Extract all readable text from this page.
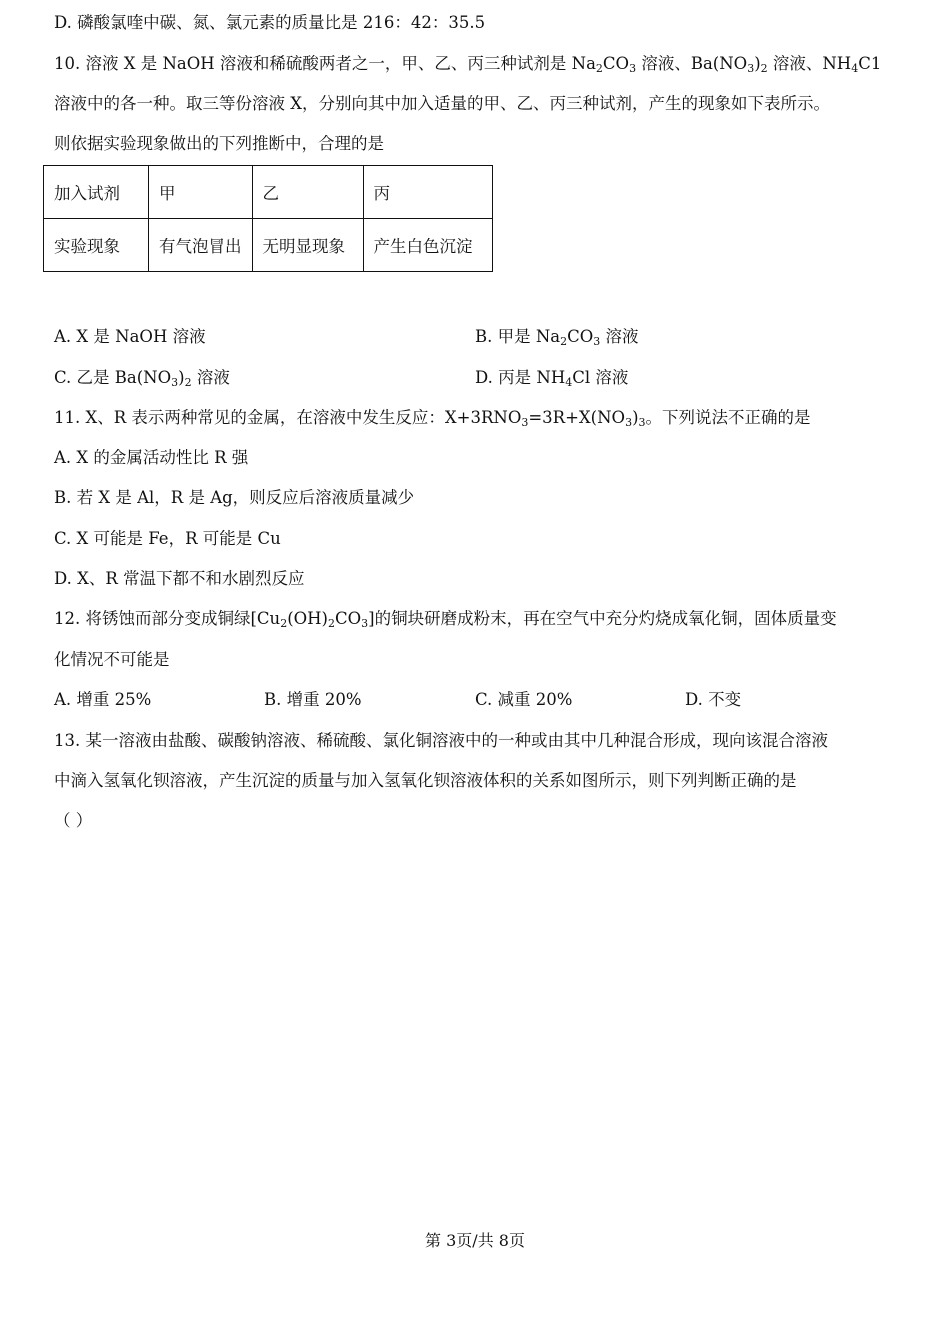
D. 磷酸氯喹中碳、氮、氯元素的质量比是 216：42：35.5
10. 溶液 X 是 NaOH 溶液和稀硫酸两者之一，甲、乙、丙三种试剂是 $Na_2CO_3$ 溶液、$Ba(NO_3)_2$ 溶液、$NH_4C1$
溶液中的各一种。取三等份溶液 X，分别向其中加入适量的甲、乙、丙三种试剂，产生的现象如下表所示。
则依据实验现象做出的下列推断中，合理的是
加入试剂	甲	乙	丙
实验现象	有气泡冒出	无明显现象	产生白色沉淀
A. X 是 NaOH 溶液	B. 甲是 $Na_2CO_3$ 溶液
C. 乙是 $Ba(NO_3)_2$ 溶液	D. 丙是 $NH_4Cl$ 溶液
11. X、R 表示两种常见的金属，在溶液中发生反应：$X+3RNO_3=3R+X(NO_3)_3$。下列说法不正确的是
A. X 的金属活动性比 R 强
B. 若 X 是 Al，R 是 Ag，则反应后溶液质量减少
C. X 可能是 Fe，R 可能是 Cu
D. X、R 常温下都不和水剧烈反应
12. 将锈蚀而部分变成铜绿$[Cu_2(OH)_2CO_3]$的铜块研磨成粉末，再在空气中充分灼烧成氧化铜，固体质量变
化情况不可能是
A. 增重 25%	B. 增重 20%	C. 减重 20%	D. 不变
13. 某一溶液由盐酸、碳酸钠溶液、稀硫酸、氯化铜溶液中的一种或由其中几种混合形成，现向该混合溶液
中滴入氢氧化钡溶液，产生沉淀的质量与加入氢氧化钡溶液体积的关系如图所示，则下列判断正确的是
（ ）
第 3页/共 8页
